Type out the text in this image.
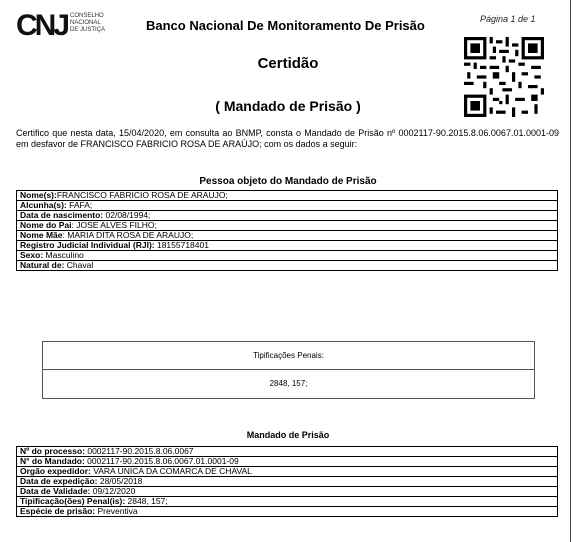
CNJ CONSELHO
NACIONAL
DE JUSTIÇA	Banco Nacional De Monitoramento De Prisão	Página 1 de 1
Certidão
( Mandado de Prisão )
Certifico que nesta data, 15/04/2020, em consulta ao BNMP, consta o Mandado de Prisão nº 0002117-90.2015.8.06.0067.01.0001-09 em desfavor de FRANCISCO FABRICIO ROSA DE ARAÚJO; com os dados a seguir:
Pessoa objeto do Mandado de Prisão
Nome(s):FRANCISCO FABRICIO ROSA DE ARAUJO;
Alcunha(s): FAFA;
Data de nascimento: 02/08/1994;
Nome do Pai: JOSE ALVES FILHO;
Nome Mãe: MARIA DITA ROSA DE ARAUJO;
Registro Judicial Individual (RJI): 18155718401
Sexo: Masculino
Natural de: Chaval
Tipificações Penais:
2848, 157;
Mandado de Prisão
Nº do processo: 0002117-90.2015.8.06.0067
N° do Mandado: 0002117-90.2015.8.06.0067.01.0001-09
Orgão expedidor: VARA UNICA DA COMARCA DE CHAVAL
Data de expedição: 28/05/2018
Data de Validade: 09/12/2020
Tipificação(ões) Penal(is): 2848, 157;
Espécie de prisão: Preventiva
